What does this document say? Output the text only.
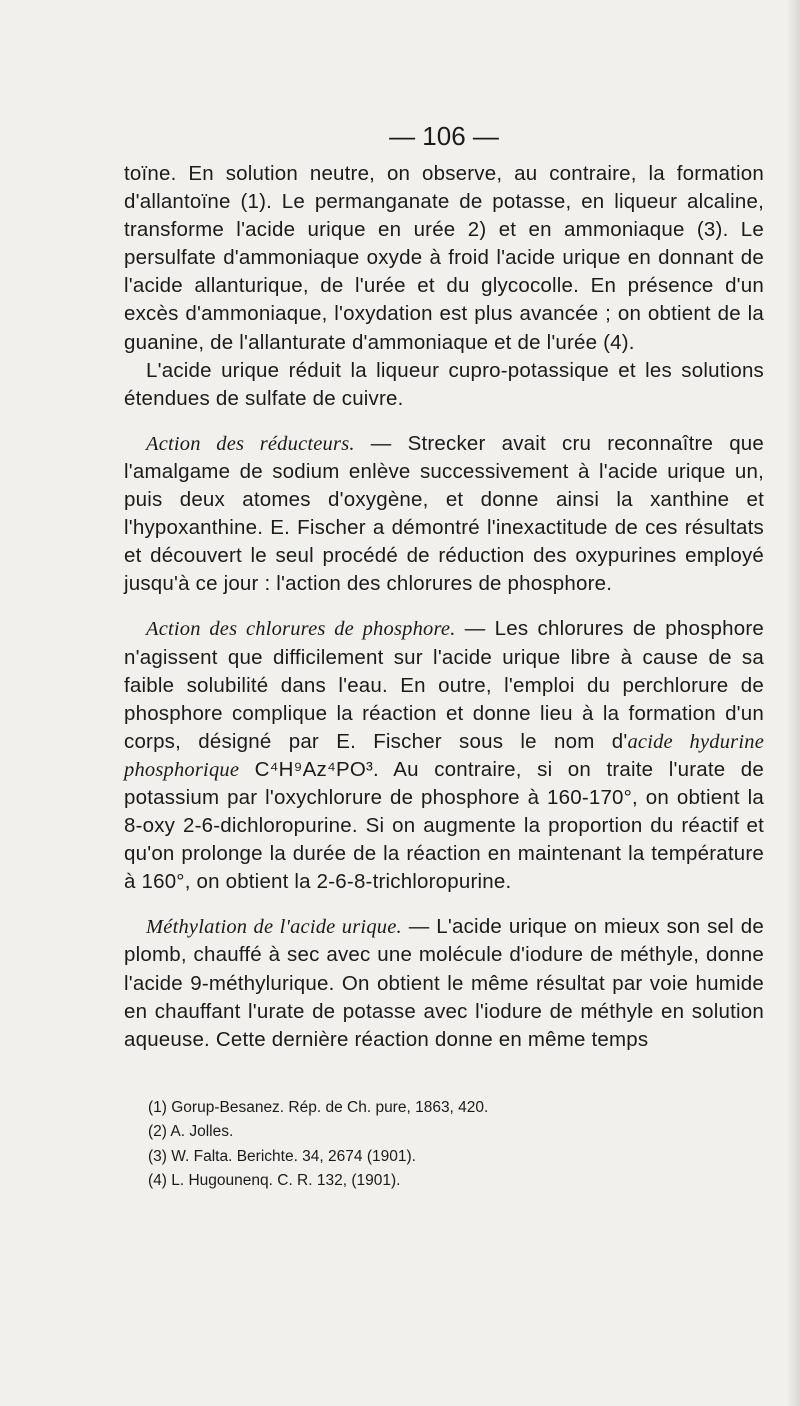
— 106 —

toïne. En solution neutre, on observe, au contraire, la formation d'allantoïne (1). Le permanganate de potasse, en liqueur alcaline, transforme l'acide urique en urée 2) et en ammoniaque (3). Le persulfate d'ammoniaque oxyde à froid l'acide urique en donnant de l'acide allanturique, de l'urée et du glycocolle. En présence d'un excès d'ammoniaque, l'oxydation est plus avancée ; on obtient de la guanine, de l'allanturate d'ammoniaque et de l'urée (4).

L'acide urique réduit la liqueur cupro-potassique et les solutions étendues de sulfate de cuivre.

Action des réducteurs. — Strecker avait cru reconnaître que l'amalgame de sodium enlève successivement à l'acide urique un, puis deux atomes d'oxygène, et donne ainsi la xanthine et l'hypoxanthine. E. Fischer a démontré l'inexactitude de ces résultats et découvert le seul procédé de réduction des oxypurines employé jusqu'à ce jour : l'action des chlorures de phosphore.

Action des chlorures de phosphore. — Les chlorures de phosphore n'agissent que difficilement sur l'acide urique libre à cause de sa faible solubilité dans l'eau. En outre, l'emploi du perchlorure de phosphore complique la réaction et donne lieu à la formation d'un corps, désigné par E. Fischer sous le nom d'acide hydurine phosphorique C⁴H⁹Az⁴PO³. Au contraire, si on traite l'urate de potassium par l'oxychlorure de phosphore à 160-170°, on obtient la 8-oxy 2-6-dichloropurine. Si on augmente la proportion du réactif et qu'on prolonge la durée de la réaction en maintenant la température à 160°, on obtient la 2-6-8-trichloropurine.

Méthylation de l'acide urique. — L'acide urique on mieux son sel de plomb, chauffé à sec avec une molécule d'iodure de méthyle, donne l'acide 9-méthylurique. On obtient le même résultat par voie humide en chauffant l'urate de potasse avec l'iodure de méthyle en solution aqueuse. Cette dernière réaction donne en même temps

(1) Gorup-Besanez. Rép. de Ch. pure, 1863, 420.
(2) A. Jolles.
(3) W. Falta. Berichte. 34, 2674 (1901).
(4) L. Hugounenq. C. R. 132, (1901).
